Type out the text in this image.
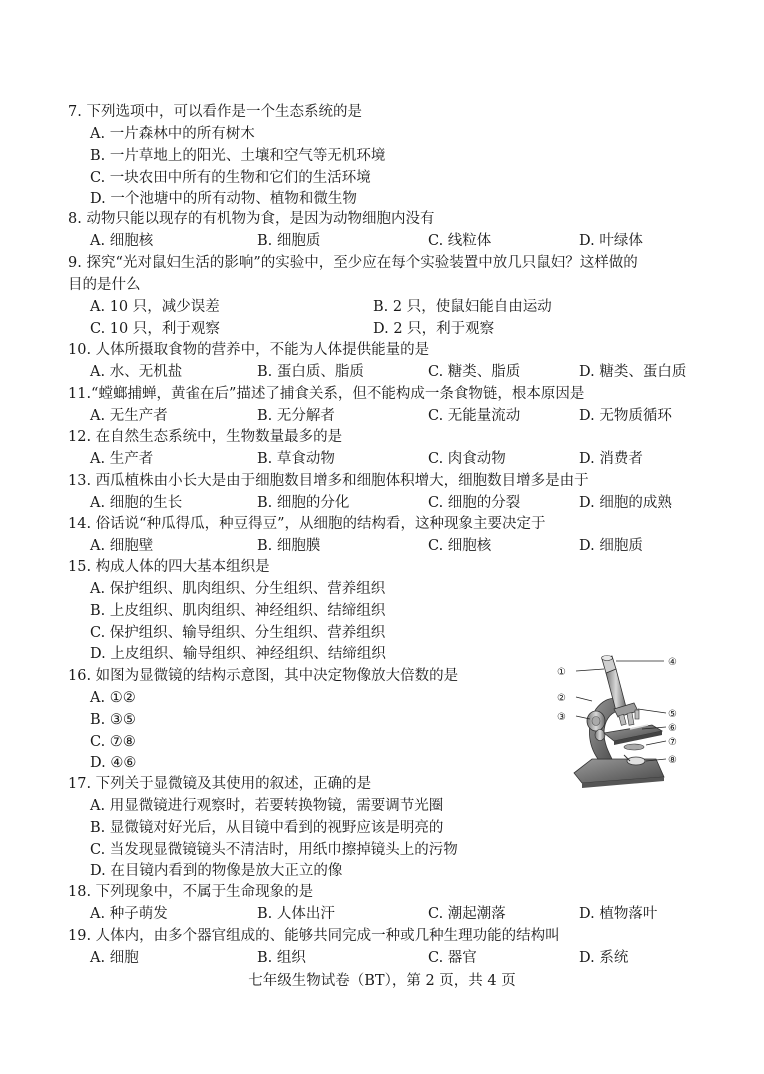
7. 下列选项中，可以看作是一个生态系统的是
A. 一片森林中的所有树木
B. 一片草地上的阳光、土壤和空气等无机环境
C. 一块农田中所有的生物和它们的生活环境
D. 一个池塘中的所有动物、植物和微生物
8. 动物只能以现存的有机物为食，是因为动物细胞内没有
A. 细胞核	B. 细胞质	C. 线粒体	D. 叶绿体
9. 探究“光对鼠妇生活的影响”的实验中，至少应在每个实验装置中放几只鼠妇？这样做的
目的是什么
A. 10 只，减少误差	B. 2 只，使鼠妇能自由运动
C. 10 只，利于观察	D. 2 只，利于观察
10. 人体所摄取食物的营养中，不能为人体提供能量的是
A. 水、无机盐	B. 蛋白质、脂质	C. 糖类、脂质	D. 糖类、蛋白质
11.“螳螂捕蝉，黄雀在后”描述了捕食关系，但不能构成一条食物链，根本原因是
A. 无生产者	B. 无分解者	C. 无能量流动	D. 无物质循环
12. 在自然生态系统中，生物数量最多的是
A. 生产者	B. 草食动物	C. 肉食动物	D. 消费者
13. 西瓜植株由小长大是由于细胞数目增多和细胞体积增大，细胞数目增多是由于
A. 细胞的生长	B. 细胞的分化	C. 细胞的分裂	D. 细胞的成熟
14. 俗话说“种瓜得瓜，种豆得豆”，从细胞的结构看，这种现象主要决定于
A. 细胞壁	B. 细胞膜	C. 细胞核	D. 细胞质
15. 构成人体的四大基本组织是
A. 保护组织、肌肉组织、分生组织、营养组织
B. 上皮组织、肌肉组织、神经组织、结缔组织
C. 保护组织、输导组织、分生组织、营养组织
D. 上皮组织、输导组织、神经组织、结缔组织
16. 如图为显微镜的结构示意图，其中决定物像放大倍数的是
A. ①②
B. ③⑤
C. ⑦⑧
D. ④⑥
17. 下列关于显微镜及其使用的叙述，正确的是
A. 用显微镜进行观察时，若要转换物镜，需要调节光圈
B. 显微镜对好光后，从目镜中看到的视野应该是明亮的
C. 当发现显微镜镜头不清洁时，用纸巾擦掉镜头上的污物
D. 在目镜内看到的物像是放大正立的像
18. 下列现象中，不属于生命现象的是
A. 种子萌发	B. 人体出汗	C. 潮起潮落	D. 植物落叶
19. 人体内，由多个器官组成的、能够共同完成一种或几种生理功能的结构叫
A. 细胞	B. 组织	C. 器官	D. 系统
①
④
②
③	⑤
⑥
⑦
⑧
七年级生物试卷（BT），第 2 页，共 4 页
